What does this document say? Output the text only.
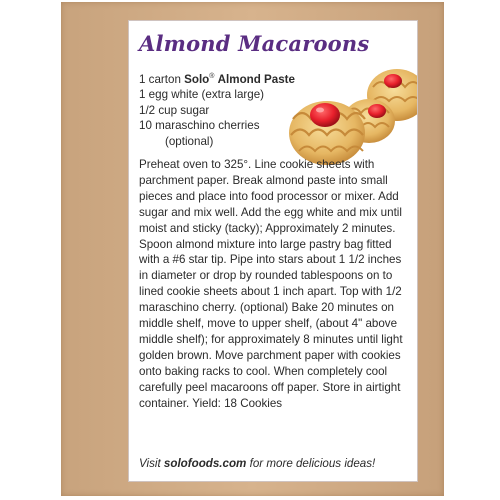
Almond Macaroons
1 carton Solo® Almond Paste
1 egg white (extra large)
1/2 cup sugar
10 maraschino cherries
(optional)

Preheat oven to 325°. Line cookie sheets with
parchment paper. Break almond paste into small
pieces and place into food processor or mixer. Add
sugar and mix well. Add the egg white and mix until
moist and sticky (tacky); Approximately 2 minutes.
Spoon almond mixture into large pastry bag fitted
with a #6 star tip. Pipe into stars about 1 1/2 inches
in diameter or drop by rounded tablespoons on to
lined cookie sheets about 1 inch apart. Top with 1/2
maraschino cherry. (optional) Bake 20 minutes on
middle shelf, move to upper shelf, (about 4" above
middle shelf); for approximately 8 minutes until light
golden brown. Move parchment paper with cookies
onto baking racks to cool. When completely cool
carefully peel macaroons off paper. Store in airtight
container. Yield: 18 Cookies

Visit solofoods.com for more delicious ideas!
